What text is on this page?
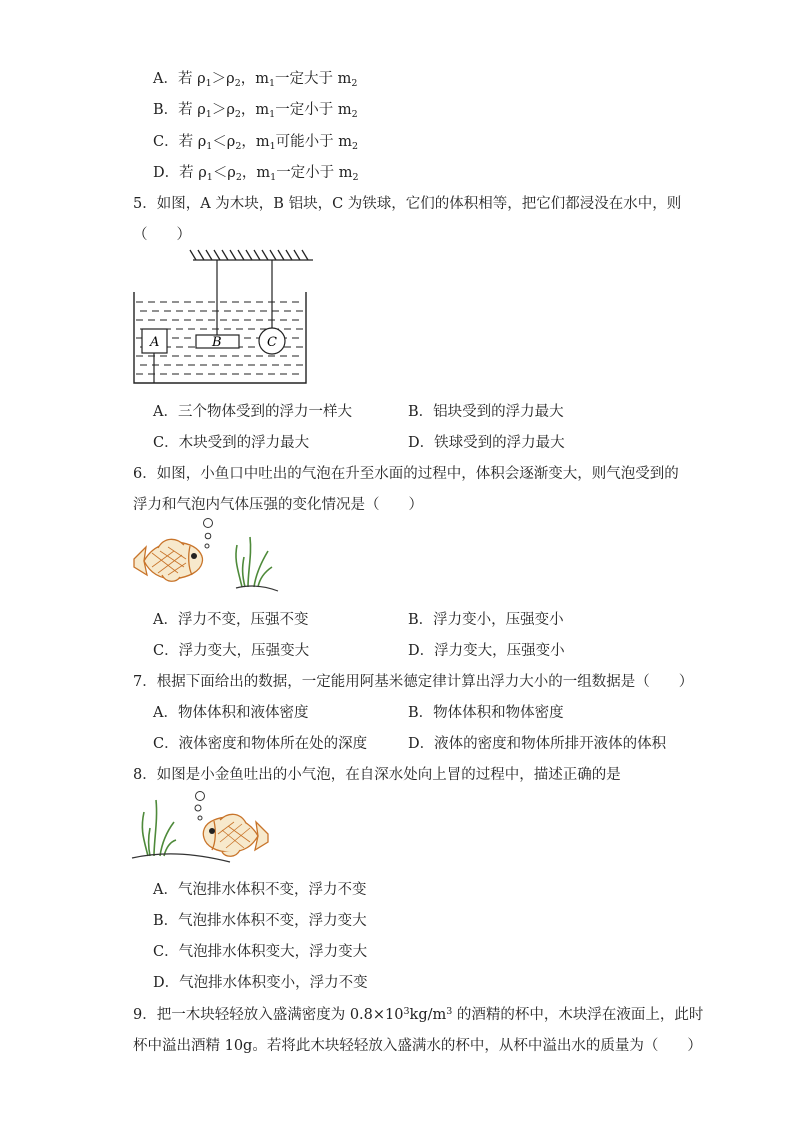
A．若 $\rho_1>\rho_2$，$m_1$一定大于 $m_2$
B．若 $\rho_1>\rho_2$，$m_1$一定小于 $m_2$
C．若 $\rho_1<\rho_2$，$m_1$可能小于 $m_2$
D．若 $\rho_1<\rho_2$，$m_1$一定小于 $m_2$
5．如图，A 为木块，B 铝块，C 为铁球，它们的体积相等，把它们都浸没在水中，则
（　　）
A	B	C
A．三个物体受到的浮力一样大	B．铝块受到的浮力最大
C．木块受到的浮力最大	D．铁球受到的浮力最大
6．如图，小鱼口中吐出的气泡在升至水面的过程中，体积会逐渐变大，则气泡受到的
浮力和气泡内气体压强的变化情况是（　　）
A．浮力不变，压强不变	B．浮力变小，压强变小
C．浮力变大，压强变大	D．浮力变大，压强变小
7．根据下面给出的数据，一定能用阿基米德定律计算出浮力大小的一组数据是（　　）
A．物体体积和液体密度	B．物体体积和物体密度
C．液体密度和物体所在处的深度	D．液体的密度和物体所排开液体的体积
8．如图是小金鱼吐出的小气泡，在自深水处向上冒的过程中，描述正确的是
A．气泡排水体积不变，浮力不变
B．气泡排水体积不变，浮力变大
C．气泡排水体积变大，浮力变大
D．气泡排水体积变小，浮力不变
9．把一木块轻轻放入盛满密度为 $0.8\times 10^3kg/m^3$ 的酒精的杯中，木块浮在液面上，此时
杯中溢出酒精 10g。若将此木块轻轻放入盛满水的杯中，从杯中溢出水的质量为（　　）
